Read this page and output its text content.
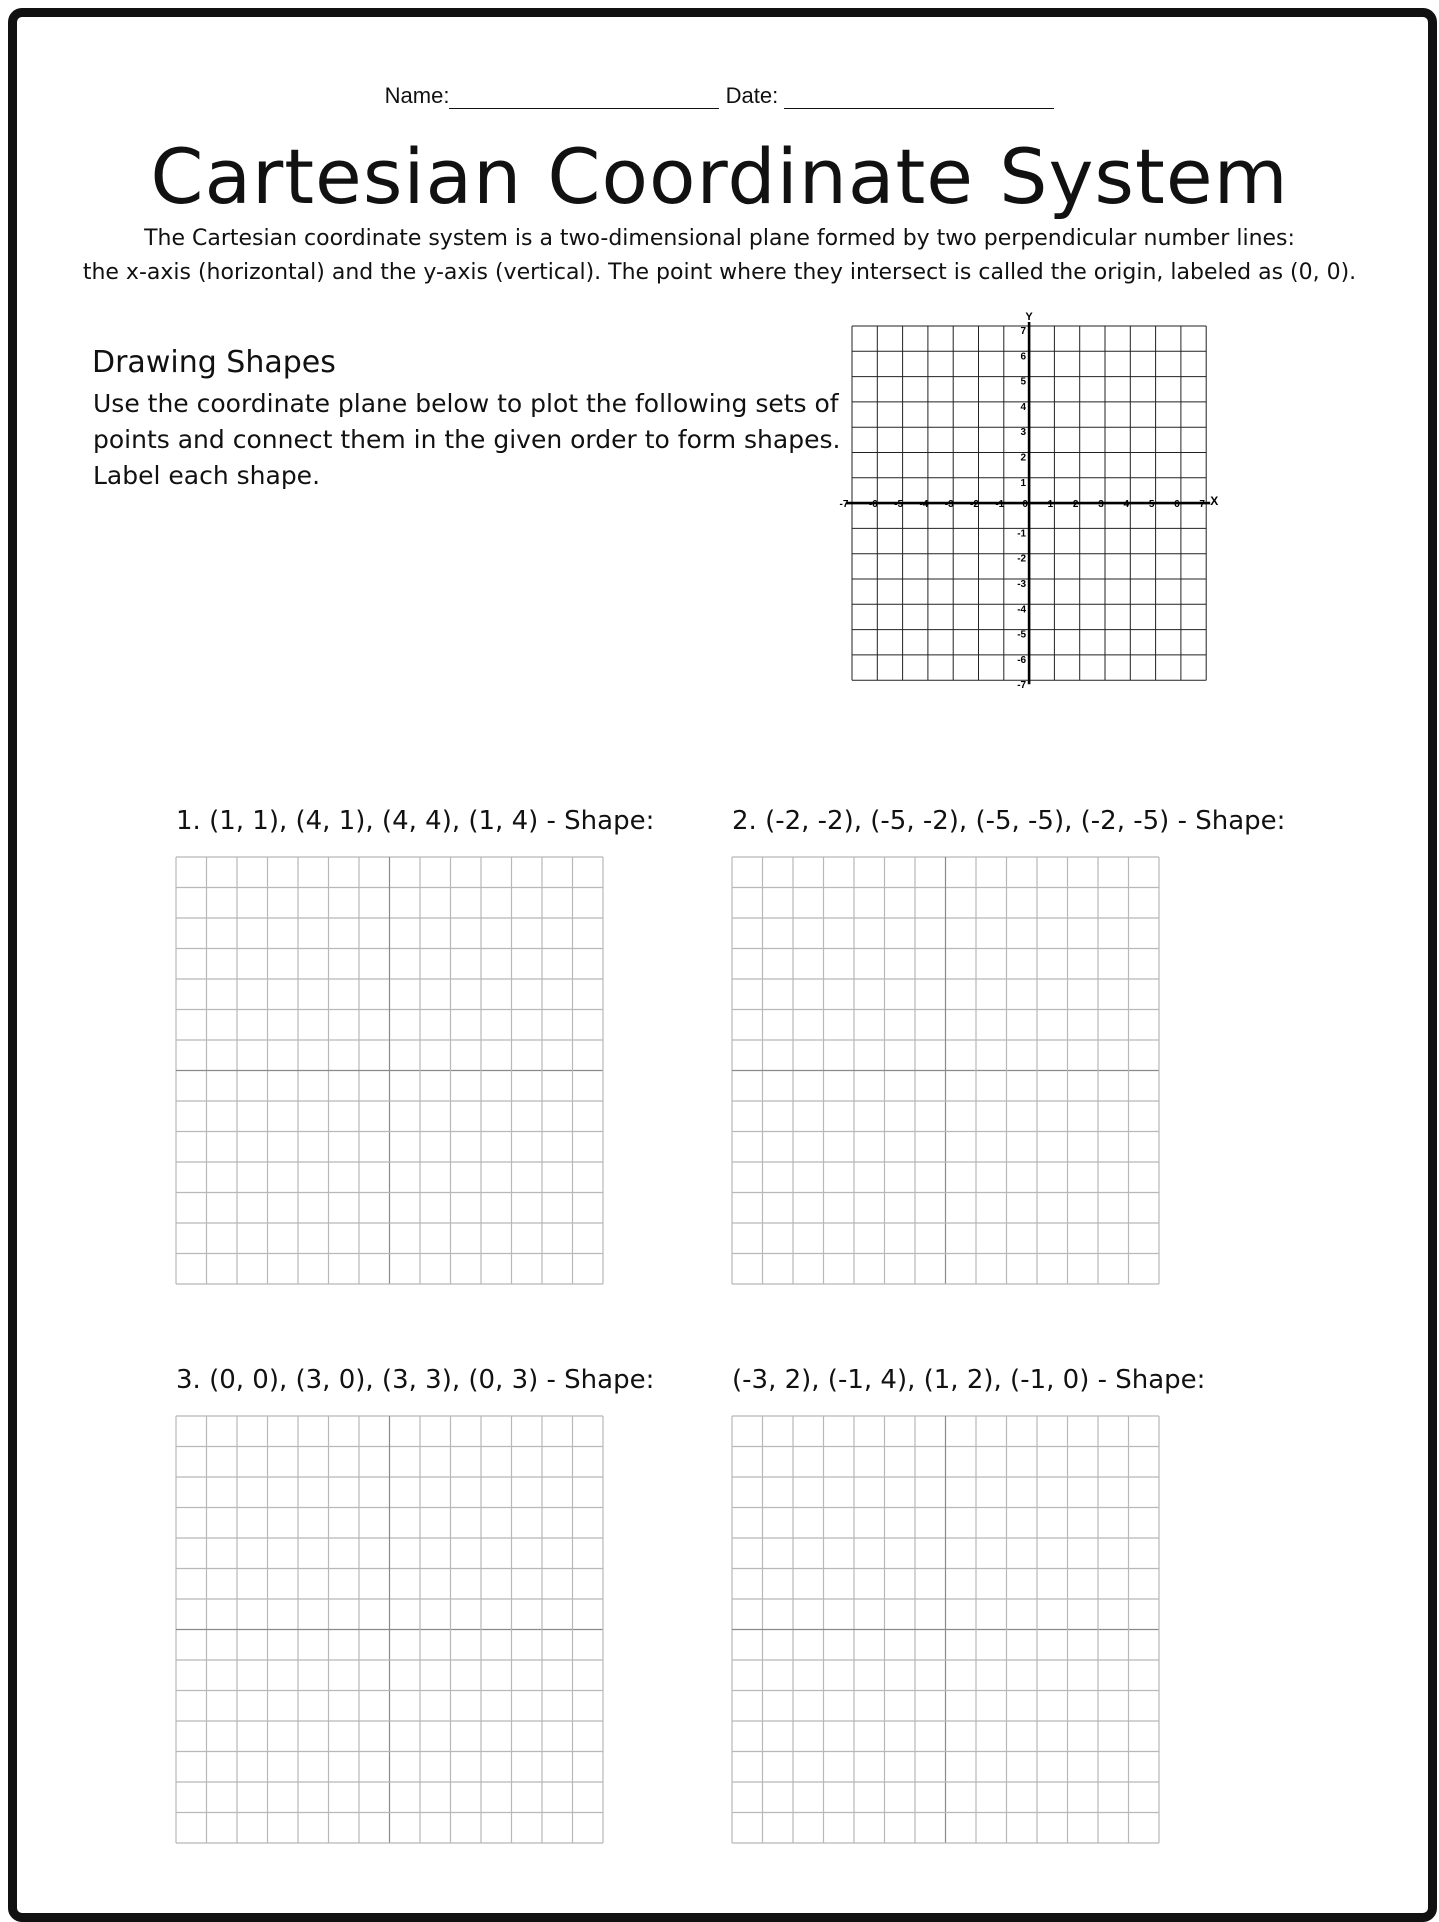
Name:	Date:
Cartesian Coordinate System
The Cartesian coordinate system is a two-dimensional plane formed by two perpendicular number lines:
the x-axis (horizontal) and the y-axis (vertical). The point where they intersect is called the origin, labeled as (0, 0).
Drawing Shapes
Use the coordinate plane below to plot the following sets of
points and connect them in the given order to form shapes.
Label each shape.
-7 -6 -5 -4 -3 -2 -1 0 1 2 3 4 5 6 7
7
6
5
4
3
2
1
-1
-2
-3
-4
-5
-6
-7
X
Y
1. (1, 1), (4, 1), (4, 4), (1, 4) - Shape:	2. (-2, -2), (-5, -2), (-5, -5), (-2, -5) - Shape:
3. (0, 0), (3, 0), (3, 3), (0, 3) - Shape:	(-3, 2), (-1, 4), (1, 2), (-1, 0) - Shape:
